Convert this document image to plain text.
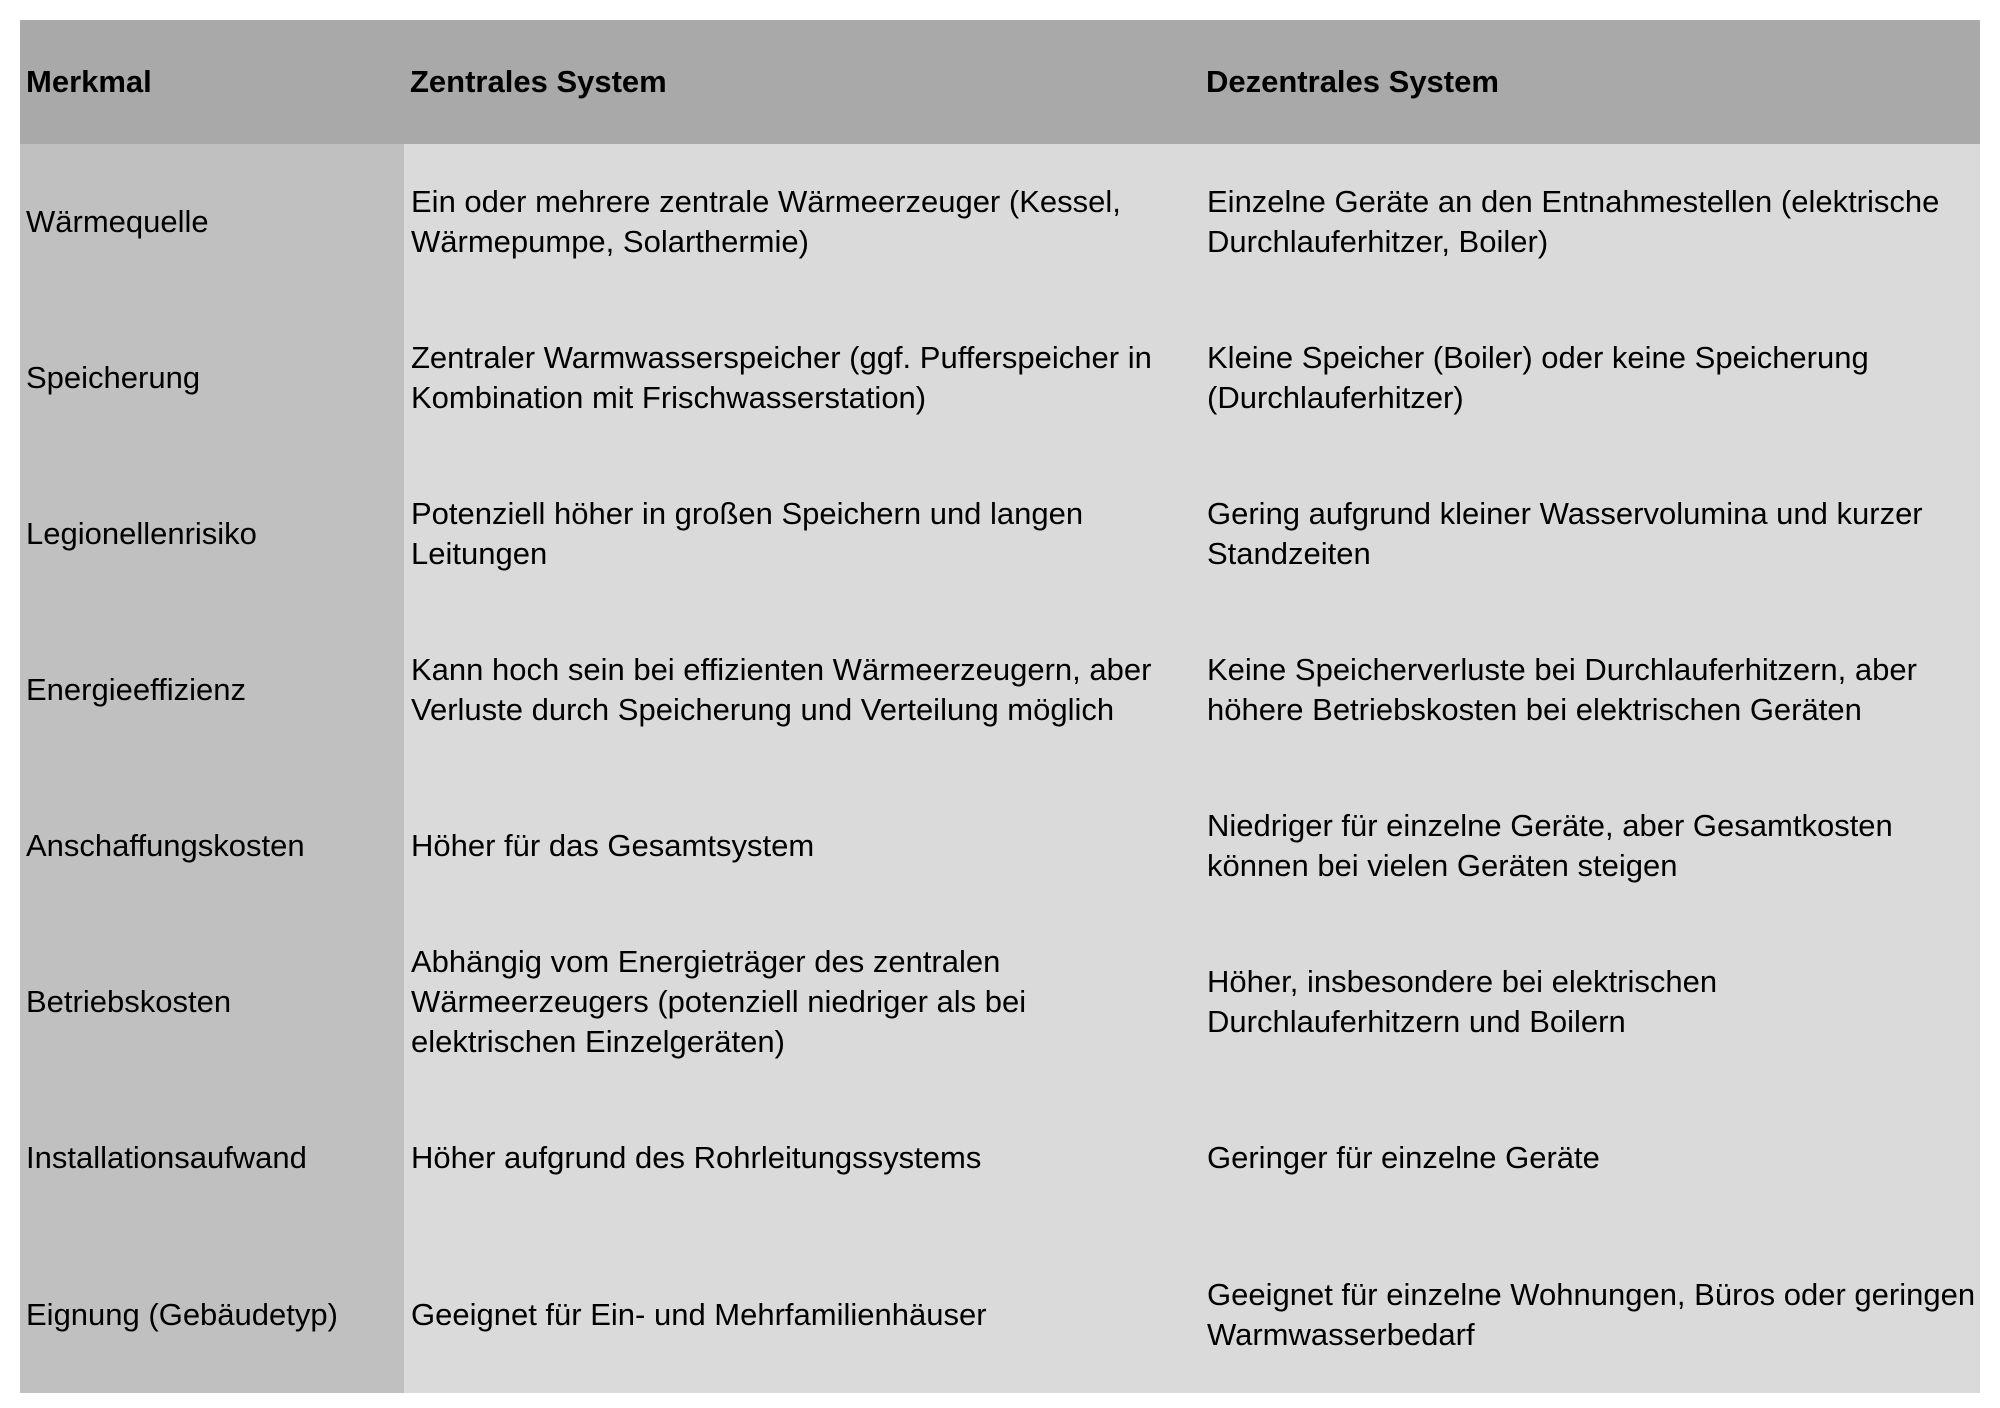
Merkmal	Zentrales System	Dezentrales System
Wärmequelle	Ein oder mehrere zentrale Wärmeerzeuger (Kessel, Wärmepumpe, Solarthermie)	Einzelne Geräte an den Entnahmestellen (elektrische Durchlauferhitzer, Boiler)
Speicherung	Zentraler Warmwasserspeicher (ggf. Pufferspeicher in Kombination mit Frischwasserstation)	Kleine Speicher (Boiler) oder keine Speicherung (Durchlauferhitzer)
Legionellenrisiko	Potenziell höher in großen Speichern und langen Leitungen	Gering aufgrund kleiner Wasservolumina und kurzer Standzeiten
Energieeffizienz	Kann hoch sein bei effizienten Wärmeerzeugern, aber Verluste durch Speicherung und Verteilung möglich	Keine Speicherverluste bei Durchlauferhitzern, aber höhere Betriebskosten bei elektrischen Geräten
Anschaffungskosten	Höher für das Gesamtsystem	Niedriger für einzelne Geräte, aber Gesamtkosten können bei vielen Geräten steigen
Betriebskosten	Abhängig vom Energieträger des zentralen Wärmeerzeugers (potenziell niedriger als bei elektrischen Einzelgeräten)	Höher, insbesondere bei elektrischen Durchlauferhitzern und Boilern
Installationsaufwand	Höher aufgrund des Rohrleitungssystems	Geringer für einzelne Geräte
Eignung (Gebäudetyp)	Geeignet für Ein- und Mehrfamilienhäuser	Geeignet für einzelne Wohnungen, Büros oder geringen Warmwasserbedarf
